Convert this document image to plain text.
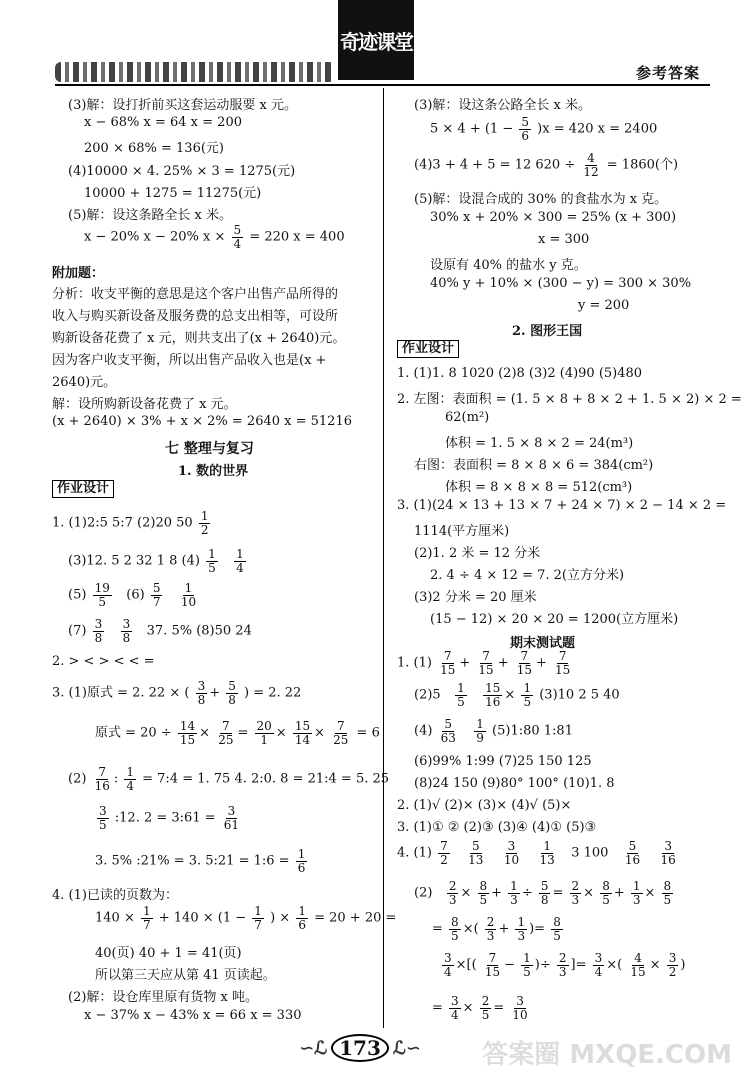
奇迹课堂
参考答案
(3)解：设打折前买这套运动服要 x 元。
x − 68% x = 64 x = 200
200 × 68% = 136(元)
(4)10000 × 4. 25% × 3 = 1275(元)
10000 + 1275 = 11275(元)
(5)解：设这条路全长 x 米。
x − 20% x − 20% $x \times \frac{5}{4} = 220$ x = 400
附加题：
分析：收支平衡的意思是这个客户出售产品所得的
收入与购买新设备及服务费的总支出相等，可设所
购新设备花费了 x 元，则共支出了(x + 2640)元。
因为客户收支平衡，所以出售产品收入也是(x +
2640)元。
解：设所购新设备花费了 x 元。
(x + 2640) × 3% + x × 2% = 2640 x = 51216
七 整理与复习
1. 数的世界
作业设计
1. (1)2:5 5:7 (2)20 $50 \frac{1}{2}$
(3)12. 5 2 32 1 8 $(4) \frac{1}{5}$
$\frac{1}{4}$
$(5) \frac{19}{5} (6) \frac{5}{7}$
$\frac{1}{10}$
$(7) \frac{3}{8}$
$\frac{3}{8} 37$. 5% (8)50 24
2. > < > < < =
3. (1)原式 = 2. 22 × ( $\frac{3}{8} + \frac{5}{8}$ ) = 2. 22
原式 = $20 \div \frac{14}{15} \times \frac{7}{25} = \frac{20}{1} \times \frac{15}{14} \times \frac{7}{25} = 6$
$(2) \frac{7}{16}$ : $\frac{1}{4}$ = 7:4 = 1. 75 4. 2:0. 8 = 21:4 = 5. 25
$\frac{3}{5}$ :12. 2 = 3:61 = $\frac{3}{61}$
3. 5% :21% = 3. 5:21 = 1:6 = $\frac{1}{6}$
4. (1)已读的页数为：
$140 \times \frac{1}{7} + 140 \times (1 - \frac{1}{7}$ ) × $\frac{1}{6} = 20 + 20$ =
40(页) 40 + 1 = 41(页)
所以第三天应从第 41 页读起。
(2)解：设仓库里原有货物 x 吨。
x − 37% x − 43% x = 66 x = 330
(3)解：设这条公路全长 x 米。
$5 \times 4 + (1 - \frac{5}{6} )x = 420$ x = 2400
(4)3 + 4 + 5 = 12 $620 \div \frac{4}{12} = 1860$(个)
(5)解：设混合成的 30% 的食盐水为 x 克。
30% x + 20% × 300 = 25% (x + 300)
x = 300
设原有 40% 的盐水 y 克。
40% y + 10% × (300 − y) = 300 × 30%
y = 200
2. 图形王国
作业设计
1. (1)1. 8 1020 (2)8 (3)2 (4)90 (5)480
2. 左图：表面积 = (1. 5 × 8 + 8 × 2 + 1. 5 × 2) × 2 =
62(m²)
体积 = 1. 5 × 8 × 2 = 24(m³)
右图：表面积 = 8 × 8 × 6 = 384(cm²)
体积 = 8 × 8 × 8 = 512(cm³)
3. (1)(24 × 13 + 13 × 7 + 24 × 7) × 2 − 14 × 2 =
1114(平方厘米)
(2)1. 2 米 = 12 分米
2. 4 ÷ 4 × 12 = 7. 2(立方分米)
(3)2 分米 = 20 厘米
(15 − 12) × 20 × 20 = 1200(立方厘米)
期末测试题
1. $(1) \frac{7}{15} + \frac{7}{15} + \frac{7}{15} + \frac{7}{15}$
$(2)5 \frac{1}{5}$
$\frac{15}{16} \times \frac{1}{5} (3)10$ 2 5 40
$(4) \frac{5}{63}$
$\frac{1}{9}$ (5)1:80 1:81
(6)99% 1:99 (7)25 150 125
(8)24 150 (9)80° 100° (10)1. 8
2. (1)√ (2)× (3)× (4)√ (5)×
3. (1)① ② (2)③ (3)④ (4)① (5)③
4. $(1) \frac{7}{2}$
$\frac{5}{13}$
$\frac{3}{10}$
$\frac{1}{13} 3$ $100 \frac{5}{16}$
$\frac{3}{16}$
$(2) \frac{2}{3} \times \frac{8}{5} + \frac{1}{3} \div \frac{5}{8} = \frac{2}{3} \times \frac{8}{5} + \frac{1}{3} \times \frac{8}{5}$
= $\frac{8}{5}$ ×( $\frac{2}{3} + \frac{1}{3}$ )= $\frac{8}{5}$
$\frac{3}{4}$ ×[( $\frac{7}{15} - \frac{1}{5}$ )÷ $\frac{2}{3}$ ]= $\frac{3}{4}$ ×( $\frac{4}{15} \times \frac{3}{2}$ )
= $\frac{3}{4} \times \frac{2}{5} = \frac{3}{10}$
∽ℒ 173 ℒ∽ 答案圈 MXQE.COM
